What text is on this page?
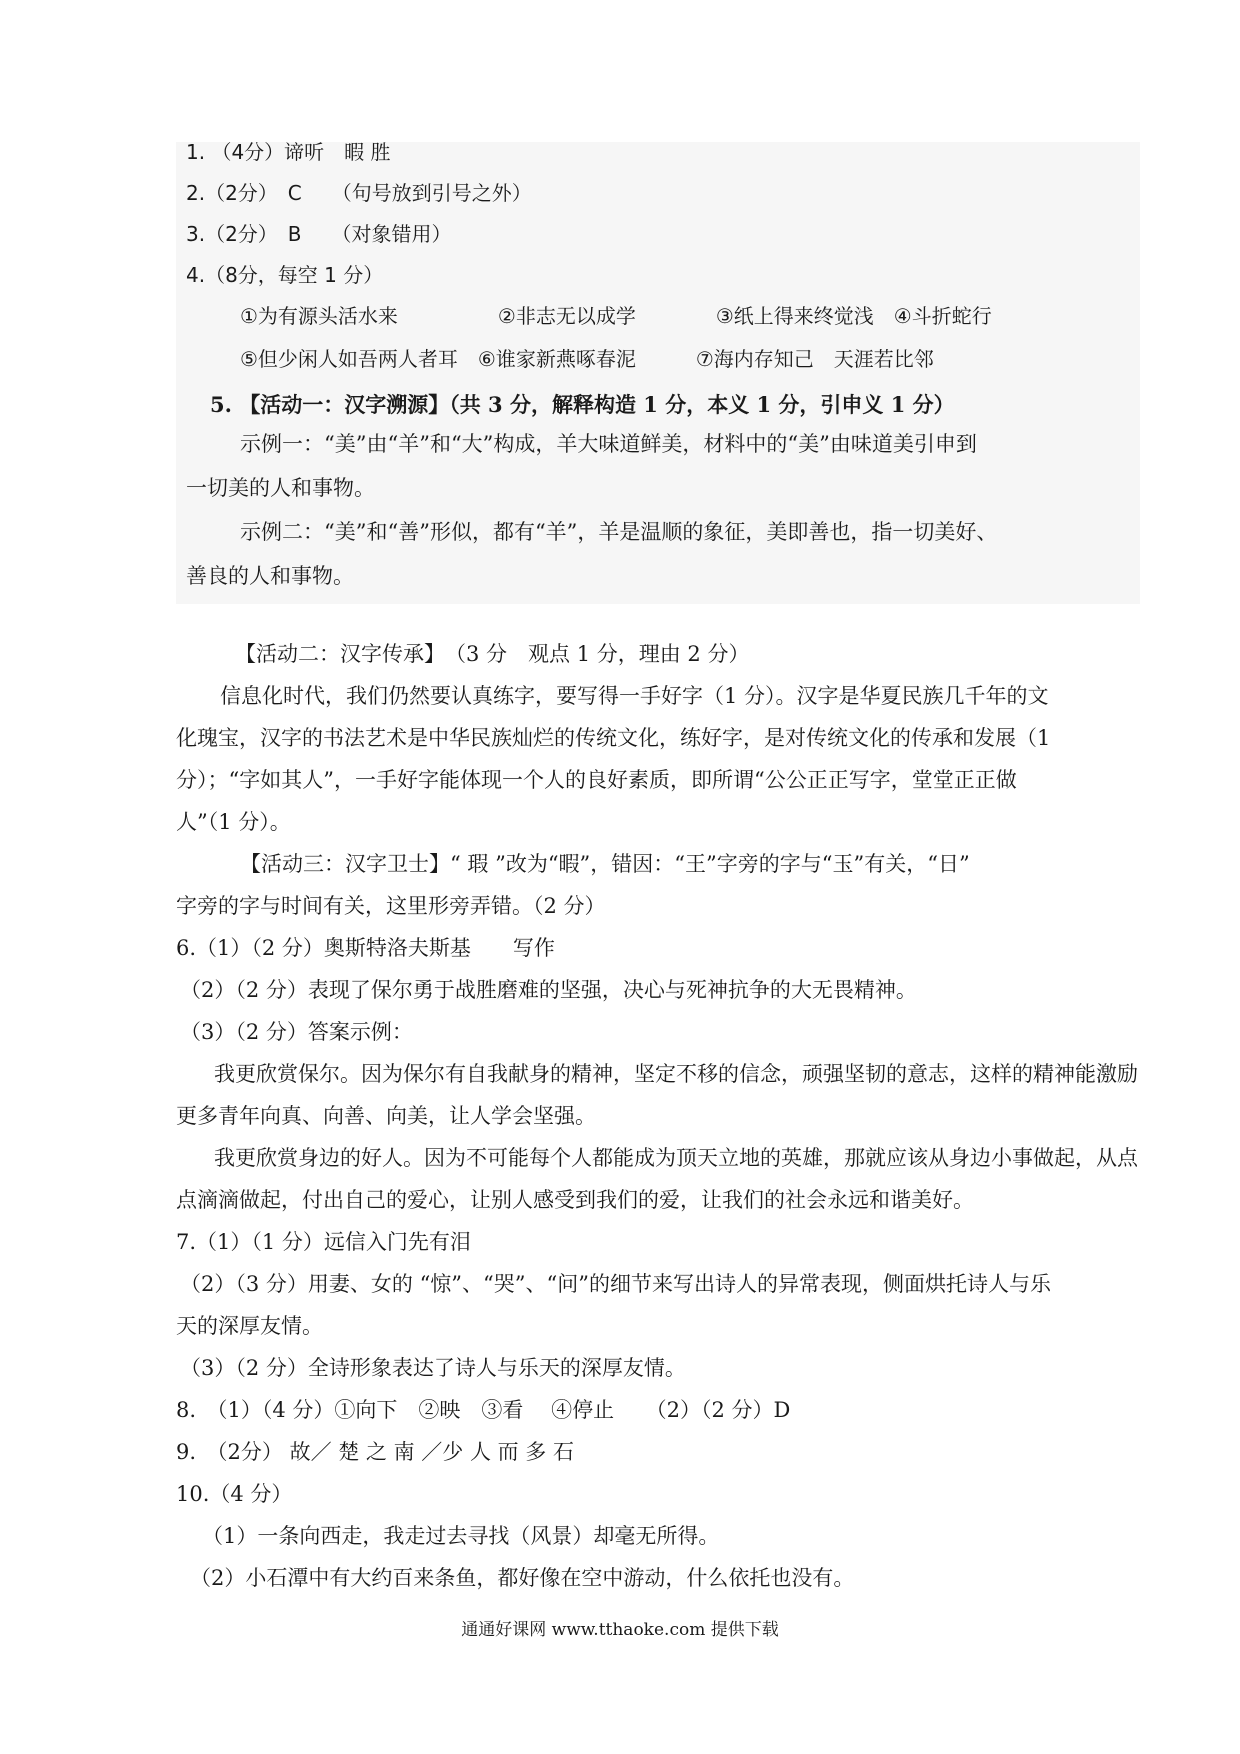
1. （4分）谛听　暇 胜
2.（2分）　C　　（句号放到引号之外）
3.（2分）　B　　（对象错用）
4.（8分，每空 1 分）
①为有源头活水来　　　　　②非志无以成学　　　　③纸上得来终觉浅　④斗折蛇行
⑤但少闲人如吾两人者耳　⑥谁家新燕啄春泥　　　⑦海内存知己　天涯若比邻
5. 【活动一：汉字溯源】（共 3 分，解释构造 1 分，本义 1 分，引申义 1 分）
示例一：“美”由“羊”和“大”构成，羊大味道鲜美，材料中的“美”由味道美引申到
一切美的人和事物。
示例二：“美”和“善”形似，都有“羊”，羊是温顺的象征，美即善也，指一切美好、
善良的人和事物。
【活动二：汉字传承】　（3 分　观点 1 分，理由 2 分）
信息化时代，我们仍然要认真练字，要写得一手好字（1 分）。汉字是华夏民族几千年的文
化瑰宝，汉字的书法艺术是中华民族灿烂的传统文化，练好字，是对传统文化的传承和发展（1
分）；“字如其人”，一手好字能体现一个人的良好素质，即所谓“公公正正写字，堂堂正正做
人”（1 分）。
【活动三：汉字卫士】“ 瑕 ”改为“暇”，错因：“王”字旁的字与“玉”有关，“日”
字旁的字与时间有关，这里形旁弄错。（2 分）
6.（1）（2 分）奥斯特洛夫斯基　　写作
（2）（2 分）表现了保尔勇于战胜磨难的坚强，决心与死神抗争的大无畏精神。
（3）（2 分）答案示例：
我更欣赏保尔。因为保尔有自我献身的精神，坚定不移的信念，顽强坚韧的意志，这样的精神能激励
更多青年向真、向善、向美，让人学会坚强。
我更欣赏身边的好人。因为不可能每个人都能成为顶天立地的英雄，那就应该从身边小事做起，从点
点滴滴做起，付出自己的爱心，让别人感受到我们的爱，让我们的社会永远和谐美好。
7.（1）（1 分）远信入门先有泪
（2）（3 分）用妻、女的 “惊”、“哭”、“问”的细节来写出诗人的异常表现，侧面烘托诗人与乐
天的深厚友情。
（3）（2 分）全诗形象表达了诗人与乐天的深厚友情。
8.　（1）（4 分）①向下　②映　③看　 ④停止　　（2）（2 分）D
9.　（2分） 故／ 楚 之 南 ／少 人 而 多 石
10.（4 分）
（1）一条向西走，我走过去寻找（风景）却毫无所得。
（2）小石潭中有大约百来条鱼，都好像在空中游动，什么依托也没有。
通通好课网 www.tthaoke.com 提供下载
